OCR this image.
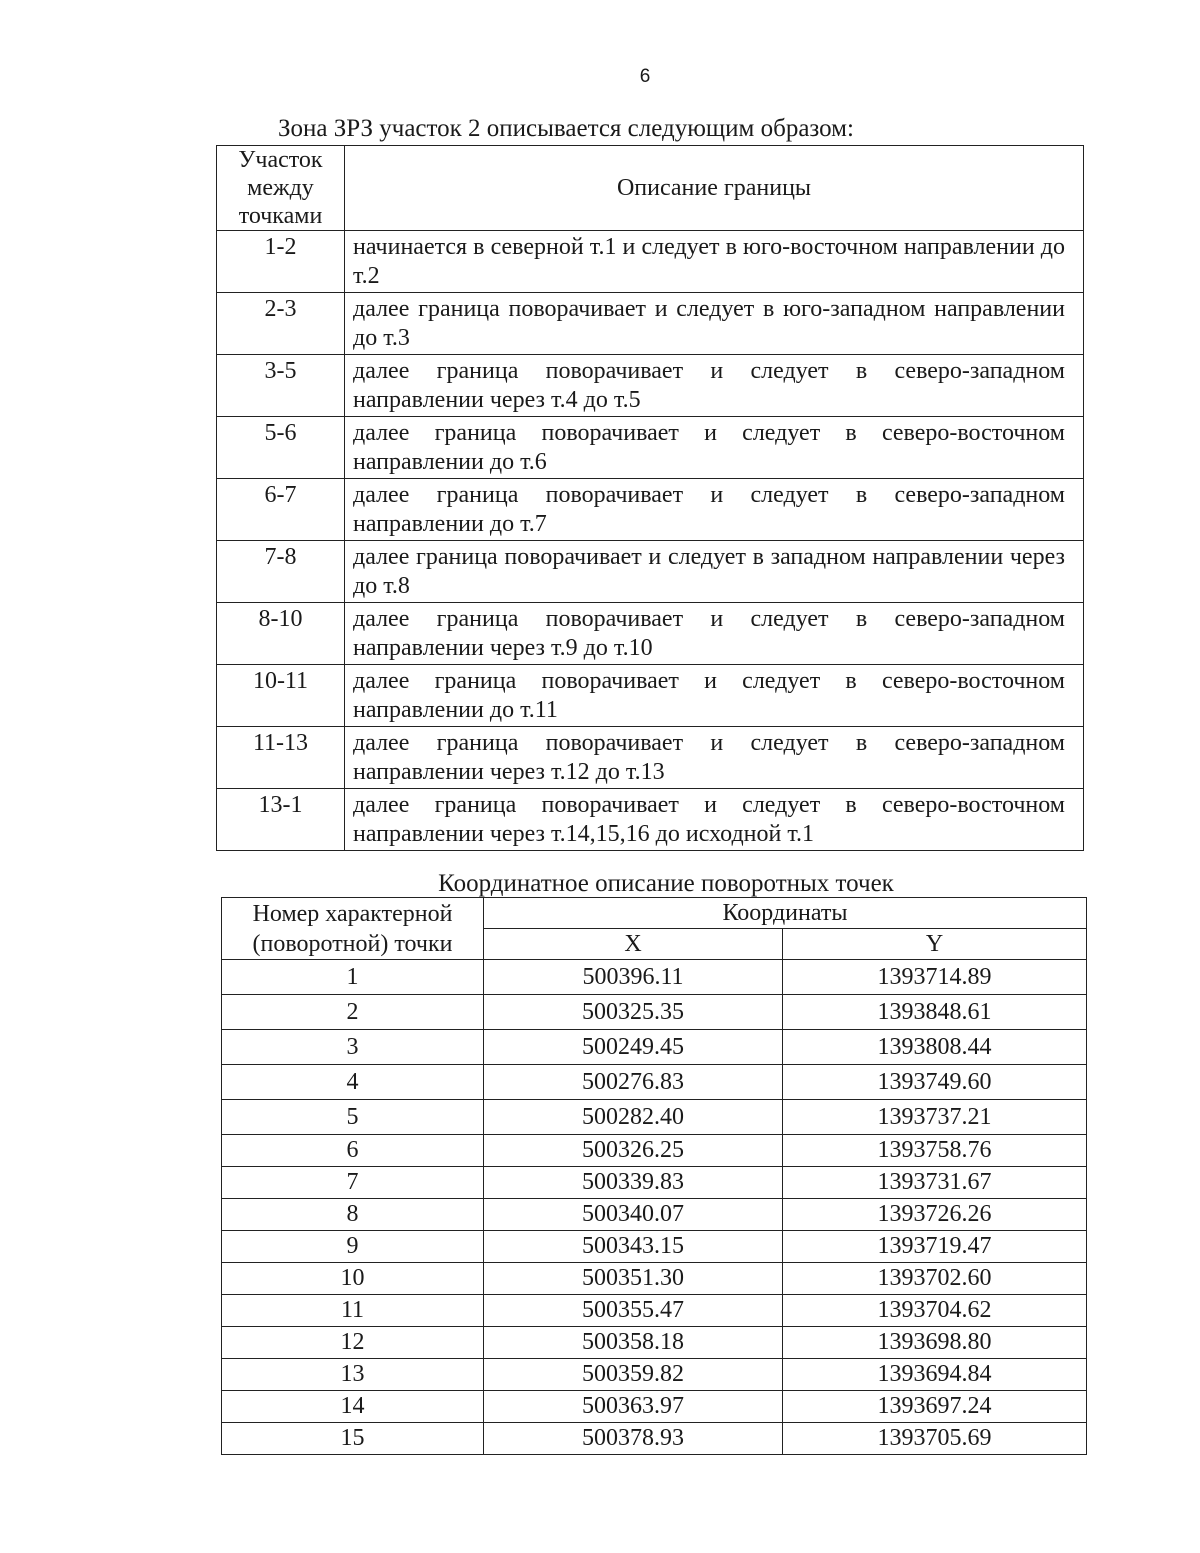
6
Зона ЗРЗ участок 2 описывается следующим образом:
Участок
между
точками	Описание границы
1-2	начинается в северной т.1 и следует в юго-восточном направлении до т.2
2-3	далее граница поворачивает и следует в юго-западном направлении до т.3
3-5	далее граница поворачивает и следует в северо-западном направлении через т.4 до т.5
5-6	далее граница поворачивает и следует в северо-восточном направлении до т.6
6-7	далее граница поворачивает и следует в северо-западном направлении до т.7
7-8	далее граница поворачивает и следует в западном направлении через до т.8
8-10	далее граница поворачивает и следует в северо-западном направлении через т.9 до т.10
10-11	далее граница поворачивает и следует в северо-восточном направлении до т.11
11-13	далее граница поворачивает и следует в северо-западном направлении через т.12 до т.13
13-1	далее граница поворачивает и следует в северо-восточном направлении через т.14,15,16 до исходной т.1
Координатное описание поворотных точек
Номер характерной
(поворотной) точки	Координаты	
	X	Y
1	500396.11	1393714.89
2	500325.35	1393848.61
3	500249.45	1393808.44
4	500276.83	1393749.60
5	500282.40	1393737.21
6	500326.25	1393758.76
7	500339.83	1393731.67
8	500340.07	1393726.26
9	500343.15	1393719.47
10	500351.30	1393702.60
11	500355.47	1393704.62
12	500358.18	1393698.80
13	500359.82	1393694.84
14	500363.97	1393697.24
15	500378.93	1393705.69
